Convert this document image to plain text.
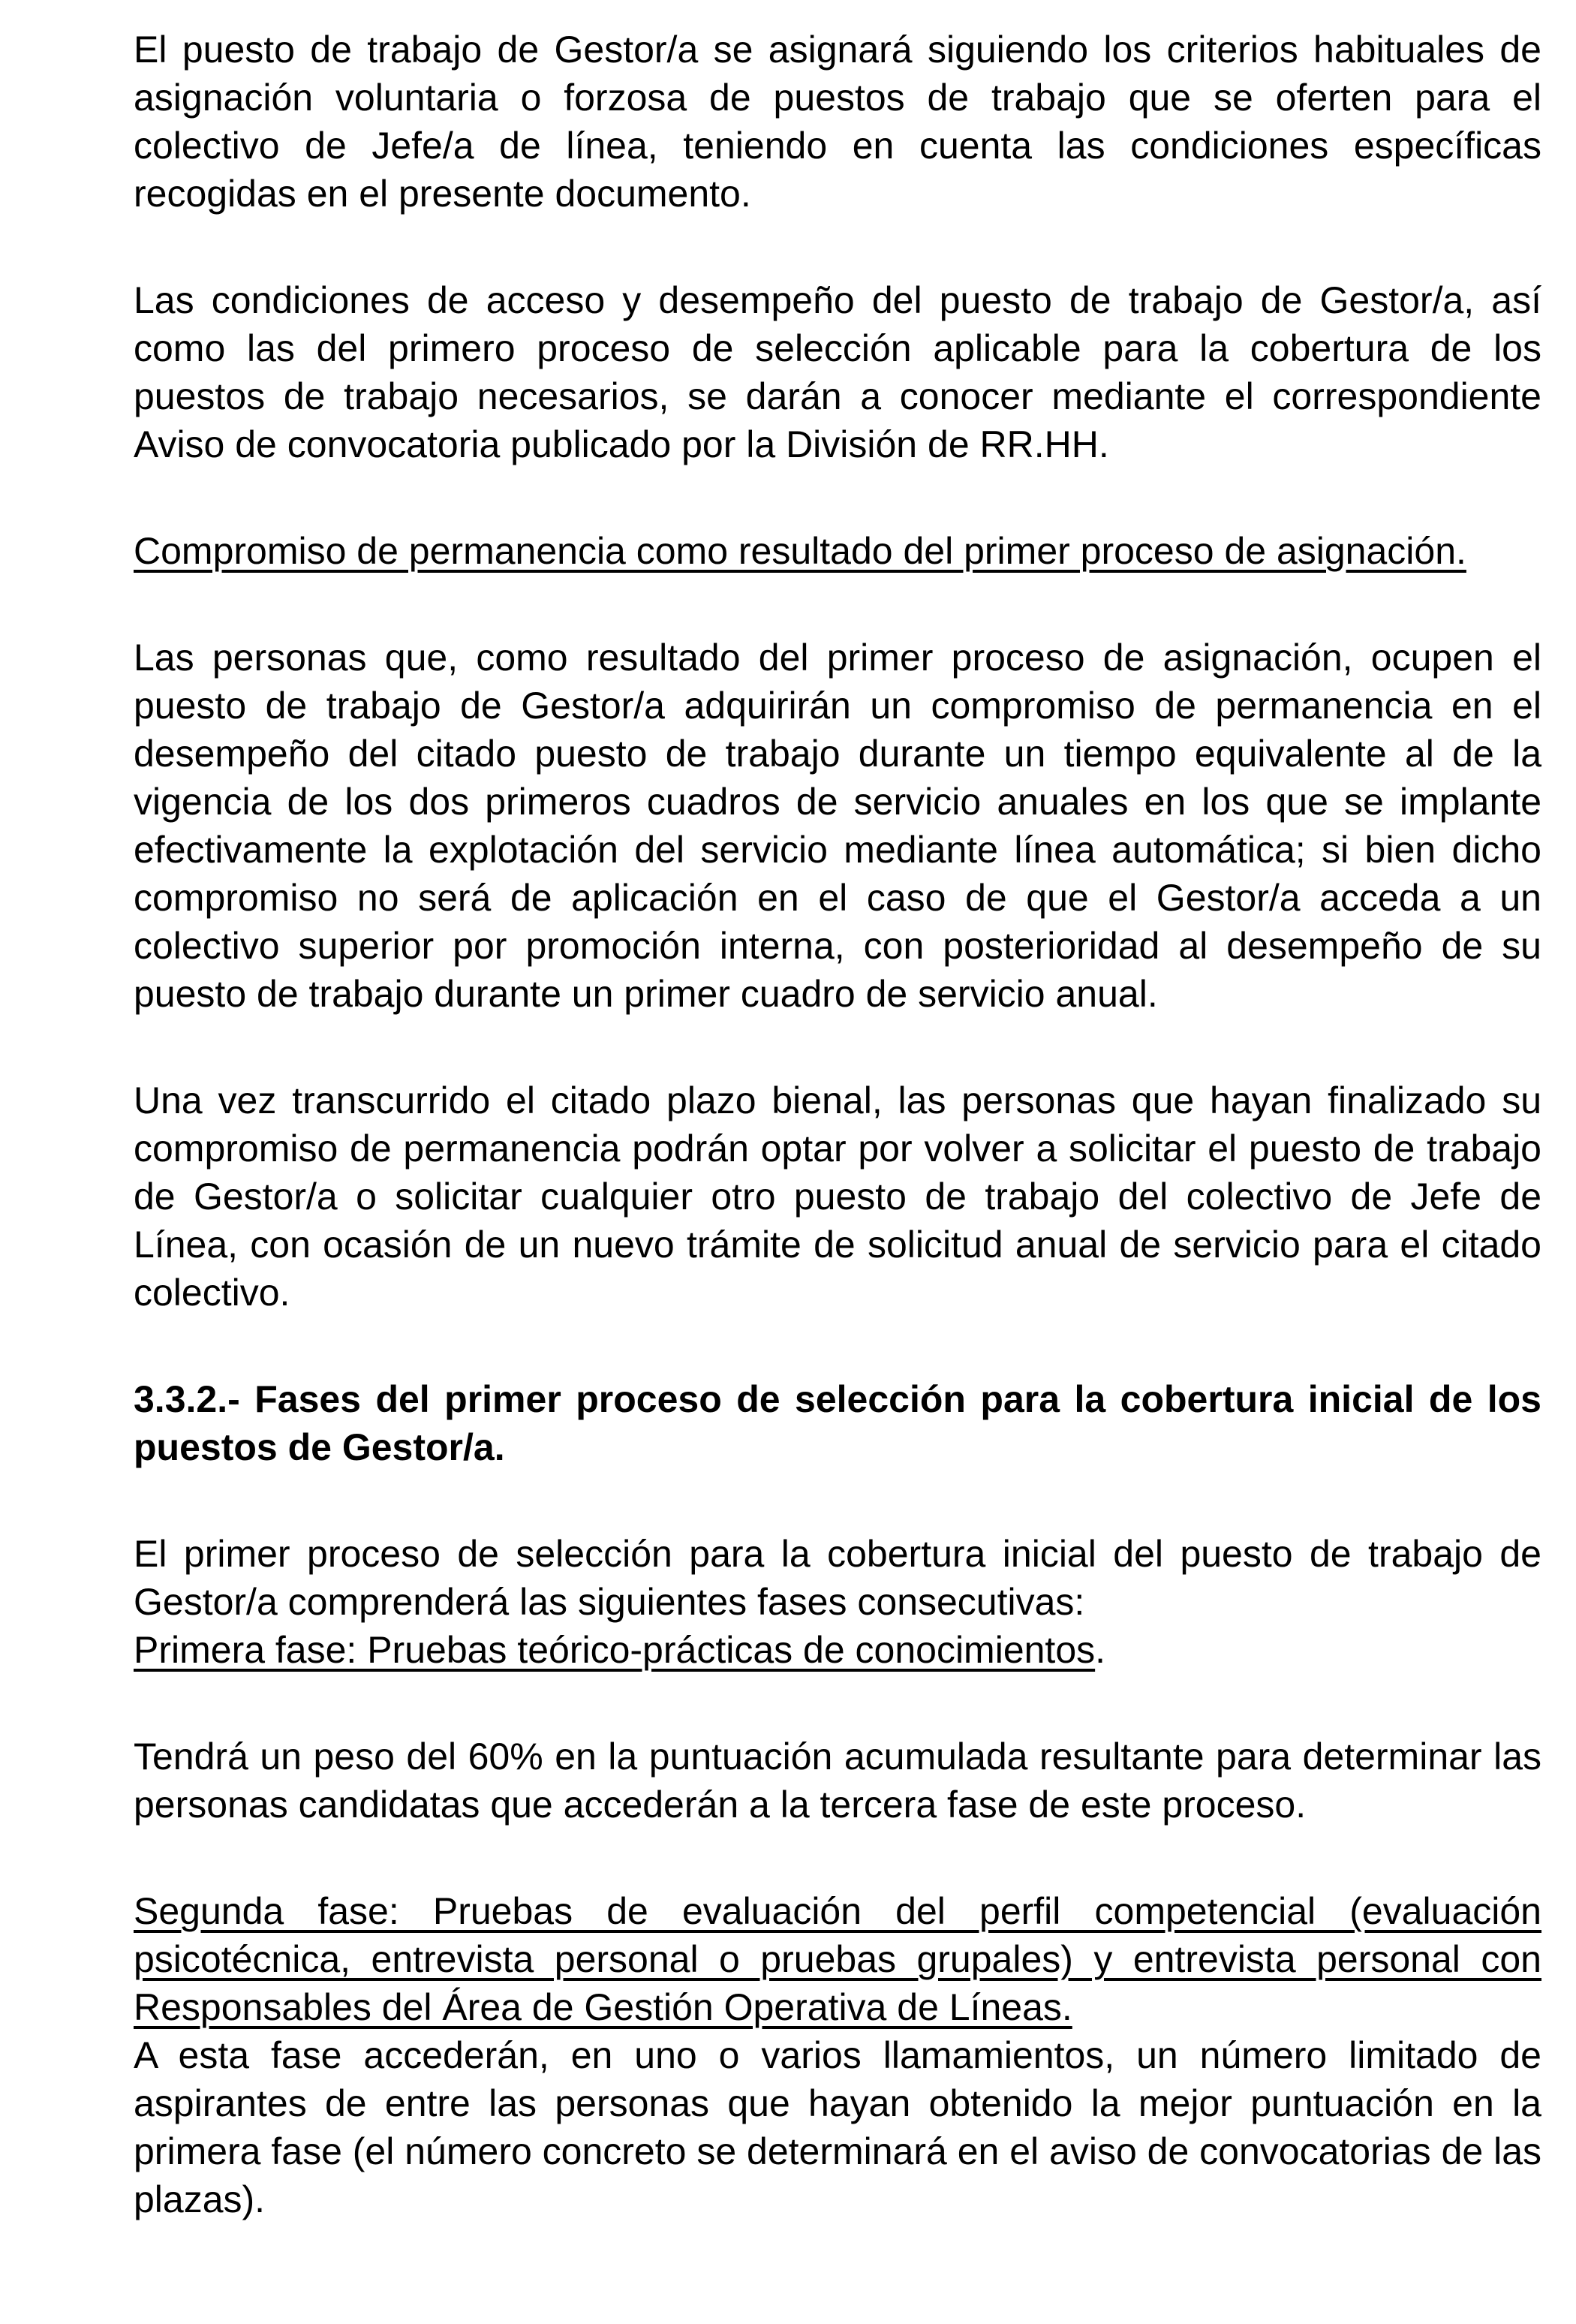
El puesto de trabajo de Gestor/a se asignará siguiendo los criterios habituales de asignación voluntaria o forzosa de puestos de trabajo que se oferten para el colectivo de Jefe/a de línea, teniendo en cuenta las condiciones específicas recogidas en el presente documento.

Las condiciones de acceso y desempeño del puesto de trabajo de Gestor/a, así como las del primero proceso de selección aplicable para la cobertura de los puestos de trabajo necesarios, se darán a conocer mediante el correspondiente Aviso de convocatoria publicado por la División de RR.HH.

Compromiso de permanencia como resultado del primer proceso de asignación.

Las personas que, como resultado del primer proceso de asignación, ocupen el puesto de trabajo de Gestor/a adquirirán un compromiso de permanencia en el desempeño del citado puesto de trabajo durante un tiempo equivalente al de la vigencia de los dos primeros cuadros de servicio anuales en los que se implante efectivamente la explotación del servicio mediante línea automática; si bien dicho compromiso no será de aplicación en el caso de que el Gestor/a acceda a un colectivo superior por promoción interna, con posterioridad al desempeño de su puesto de trabajo durante un primer cuadro de servicio anual.

Una vez transcurrido el citado plazo bienal, las personas que hayan finalizado su compromiso de permanencia podrán optar por volver a solicitar el puesto de trabajo de Gestor/a o solicitar cualquier otro puesto de trabajo del colectivo de Jefe de Línea, con ocasión de un nuevo trámite de solicitud anual de servicio para el citado colectivo.

3.3.2.- Fases del primer proceso de selección para la cobertura inicial de los puestos de Gestor/a.

El primer proceso de selección para la cobertura inicial del puesto de trabajo de Gestor/a comprenderá las siguientes fases consecutivas:

Primera fase: Pruebas teórico-prácticas de conocimientos.

Tendrá un peso del 60% en la puntuación acumulada resultante para determinar las personas candidatas que accederán a la tercera fase de este proceso.

Segunda fase: Pruebas de evaluación del perfil competencial (evaluación psicotécnica, entrevista personal o pruebas grupales) y entrevista personal con Responsables del Área de Gestión Operativa de Líneas.

A esta fase accederán, en uno o varios llamamientos, un número limitado de aspirantes de entre las personas que hayan obtenido la mejor puntuación en la primera fase (el número concreto se determinará en el aviso de convocatorias de las plazas).
